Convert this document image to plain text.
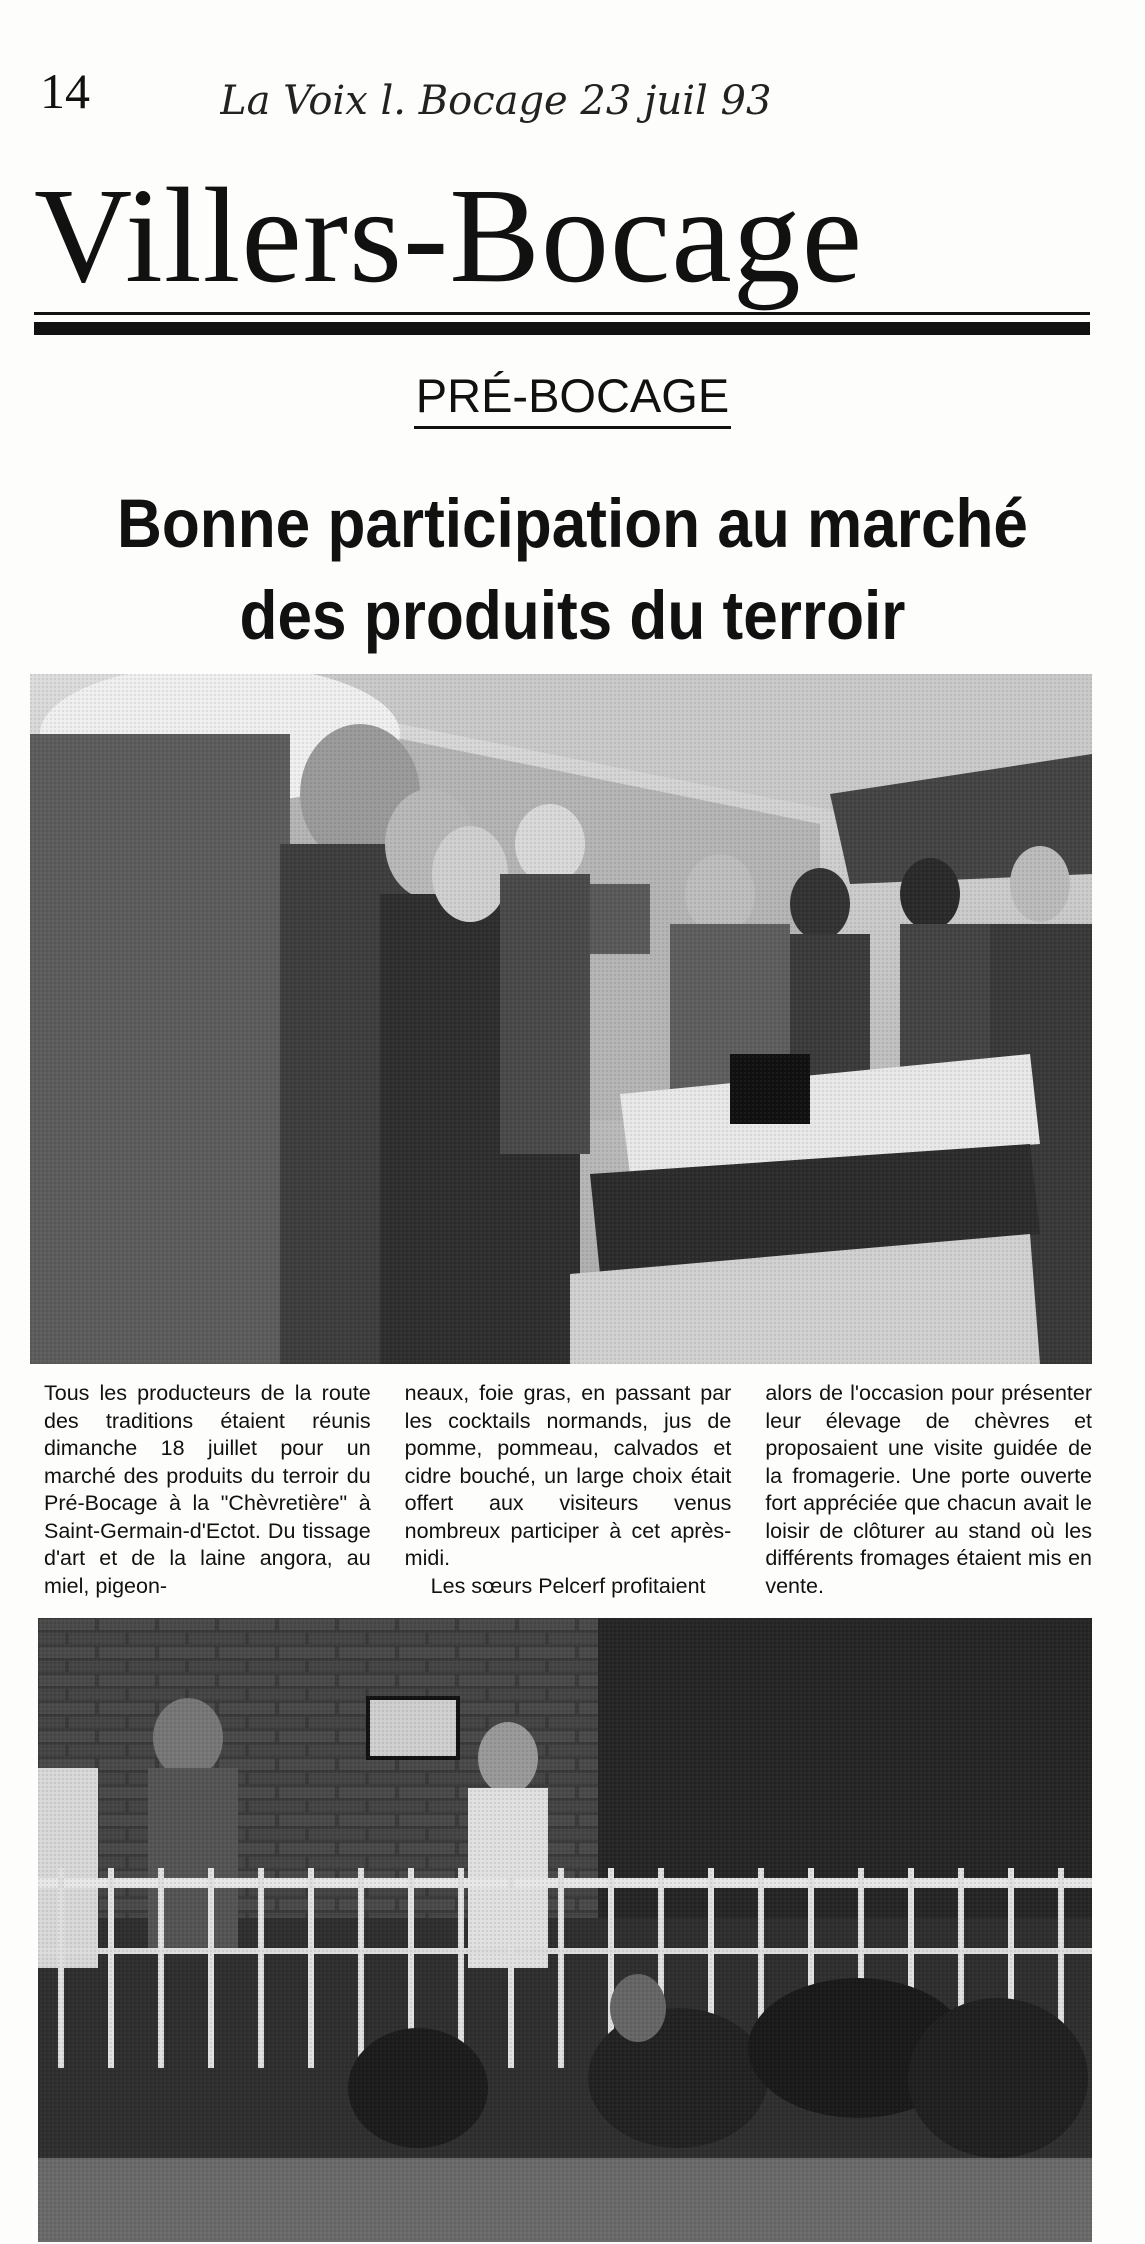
14	La Voix l. Bocage 23 juil 93
Villers-Bocage
PRÉ-BOCAGE
Bonne participation au marché des produits du terroir

Tous les producteurs de la route des traditions étaient réunis dimanche 18 juillet pour un marché des produits du terroir du Pré-Bocage à la "Chèvretière" à Saint-Germain-d'Ectot. Du tissage d'art et de la laine angora, au miel, pigeon-

neaux, foie gras, en passant par les cocktails normands, jus de pomme, pommeau, calvados et cidre bouché, un large choix était offert aux visiteurs venus nombreux participer à cet après-midi.

Les sœurs Pelcerf profitaient

alors de l'occasion pour présenter leur élevage de chèvres et proposaient une visite guidée de la fromagerie. Une porte ouverte fort appréciée que chacun avait le loisir de clôturer au stand où les différents fromages étaient mis en vente.
